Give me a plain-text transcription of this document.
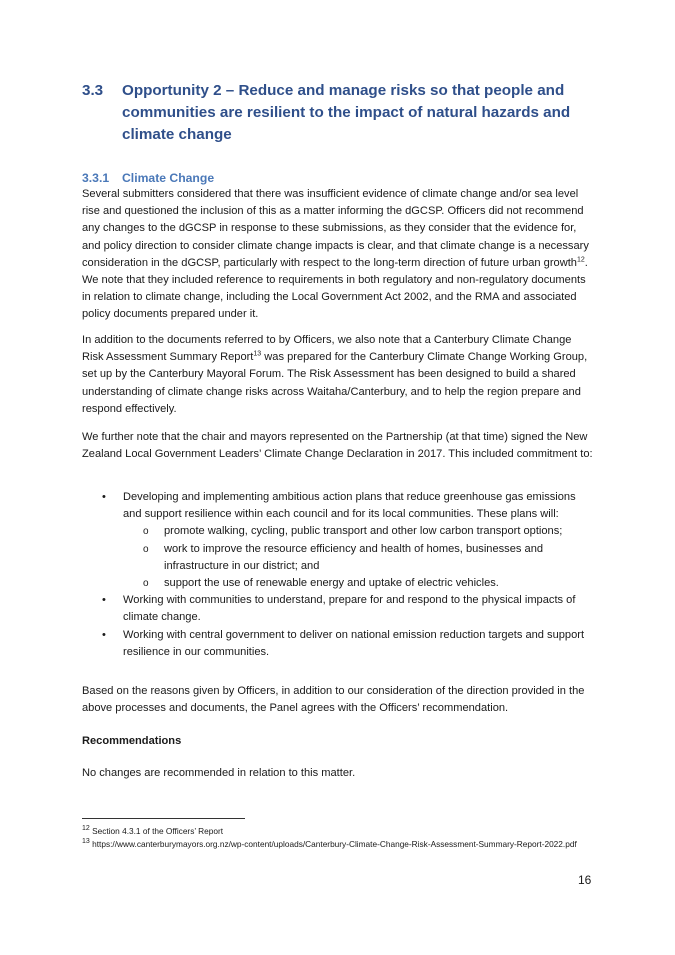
3.3 Opportunity 2 – Reduce and manage risks so that people and communities are resilient to the impact of natural hazards and climate change
3.3.1 Climate Change

Several submitters considered that there was insufficient evidence of climate change and/or sea level rise and questioned the inclusion of this as a matter informing the dGCSP. Officers did not recommend any changes to the dGCSP in response to these submissions, as they consider that the evidence for, and policy direction to consider climate change impacts is clear, and that climate change is a necessary consideration in the dGCSP, particularly with respect to the long-term direction of future urban growth$^{12}$. We note that they included reference to requirements in both regulatory and non-regulatory documents in relation to climate change, including the Local Government Act 2002, and the RMA and associated policy documents prepared under it.

In addition to the documents referred to by Officers, we also note that a Canterbury Climate Change Risk Assessment Summary Report$^{13}$ was prepared for the Canterbury Climate Change Working Group, set up by the Canterbury Mayoral Forum. The Risk Assessment has been designed to build a shared understanding of climate change risks across Waitaha/Canterbury, and to help the region prepare and respond effectively.

We further note that the chair and mayors represented on the Partnership (at that time) signed the New Zealand Local Government Leaders’ Climate Change Declaration in 2017. This included commitment to:

• Developing and implementing ambitious action plans that reduce greenhouse gas emissions and support resilience within each council and for its local communities. These plans will:
o promote walking, cycling, public transport and other low carbon transport options;
o work to improve the resource efficiency and health of homes, businesses and infrastructure in our district; and
o support the use of renewable energy and uptake of electric vehicles.
• Working with communities to understand, prepare for and respond to the physical impacts of climate change.
• Working with central government to deliver on national emission reduction targets and support resilience in our communities.

Based on the reasons given by Officers, in addition to our consideration of the direction provided in the above processes and documents, the Panel agrees with the Officers’ recommendation.

Recommendations
No changes are recommended in relation to this matter.
$^{12}$ Section 4.3.1 of the Officers’ Report
$^{13}$ https://www.canterburymayors.org.nz/wp-content/uploads/Canterbury-Climate-Change-Risk-Assessment-Summary-Report-2022.pdf
16
